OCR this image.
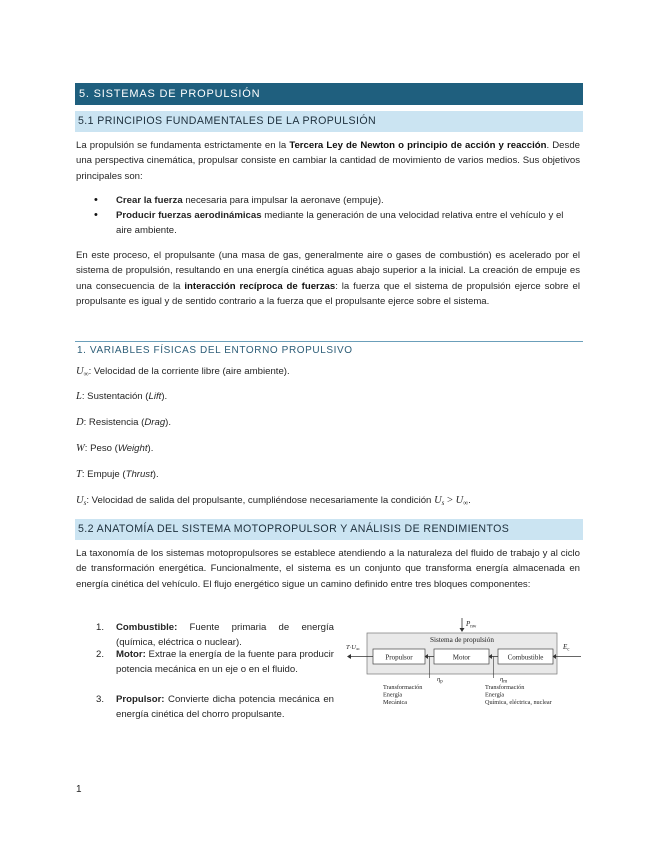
5. SISTEMAS DE PROPULSIÓN
5.1 PRINCIPIOS FUNDAMENTALES DE LA PROPULSIÓN
La propulsión se fundamenta estrictamente en la Tercera Ley de Newton o principio de acción y reacción. Desde una perspectiva cinemática, propulsar consiste en cambiar la cantidad de movimiento de varios medios. Sus objetivos principales son:
• Crear la fuerza necesaria para impulsar la aeronave (empuje).
• Producir fuerzas aerodinámicas mediante la generación de una velocidad relativa entre el vehículo y el aire ambiente.
En este proceso, el propulsante (una masa de gas, generalmente aire o gases de combustión) es acelerado por el sistema de propulsión, resultando en una energía cinética aguas abajo superior a la inicial. La creación de empuje es una consecuencia de la interacción recíproca de fuerzas: la fuerza que el sistema de propulsión ejerce sobre el propulsante es igual y de sentido contrario a la fuerza que el propulsante ejerce sobre el sistema.
1. VARIABLES FÍSICAS DEL ENTORNO PROPULSIVO
$U_\infty$: Velocidad de la corriente libre (aire ambiente).
L: Sustentación (Lift).
D: Resistencia (Drag).
W: Peso (Weight).
T: Empuje (Thrust).
$U_s$: Velocidad de salida del propulsante, cumpliéndose necesariamente la condición $U_s > U_\infty$.
5.2 ANATOMÍA DEL SISTEMA MOTOPROPULSOR Y ANÁLISIS DE RENDIMIENTOS
La taxonomía de los sistemas motopropulsores se establece atendiendo a la naturaleza del fluido de trabajo y al ciclo de transformación energética. Funcionalmente, el sistema es un conjunto que transforma energía almacenada en energía cinética del vehículo. El flujo energético sigue un camino definido entre tres bloques componentes:
1. Combustible: Fuente primaria de energía (química, eléctrica o nuclear).
2. Motor: Extrae la energía de la fuente para producir potencia mecánica en un eje o en el fluido.
3. Propulsor: Convierte dicha potencia mecánica en energía cinética del chorro propulsante.
$P_{nw}$
Sistema de propulsión
Propulsor	Motor	Combustible
$T\cdot U_\infty$	$E_c$
$\eta_p$	$\eta_m$
Transformación
Energía
Mecánica
Transformación
Energía
Química, eléctrica, nuclear
1
